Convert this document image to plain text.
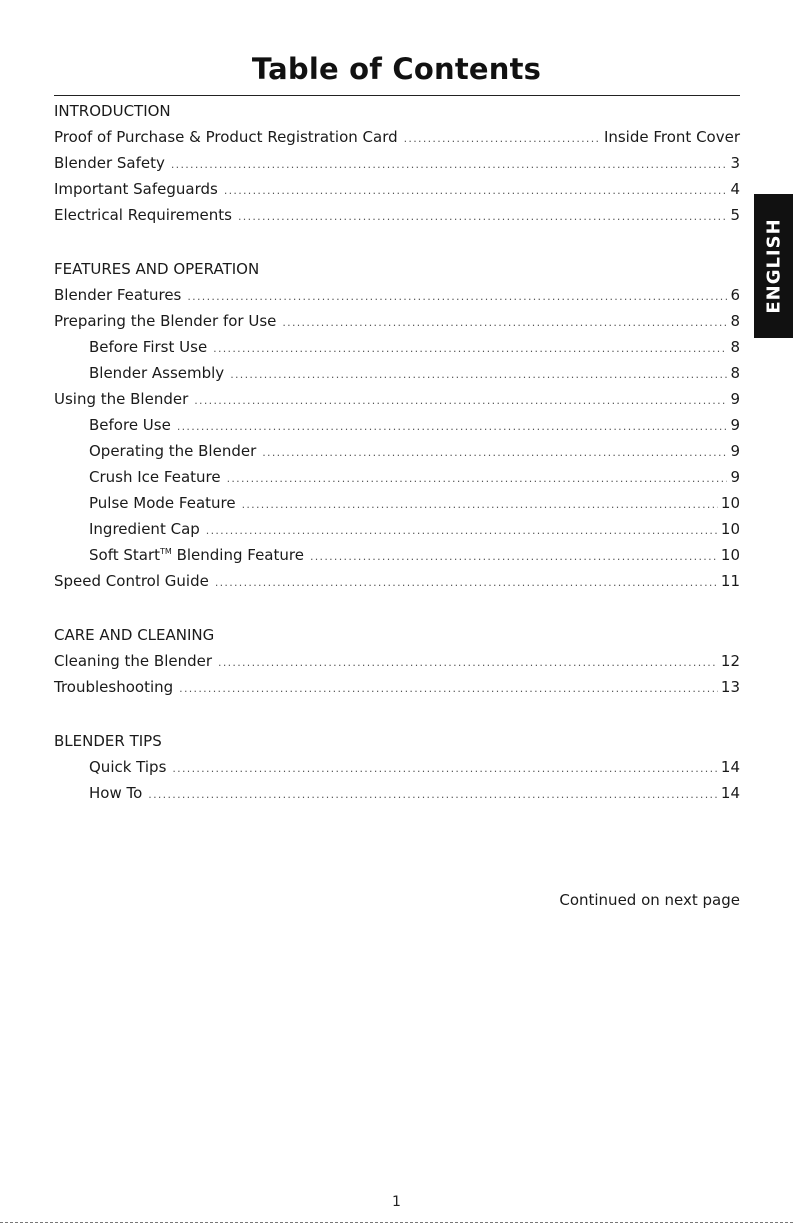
Table of Contents
INTRODUCTION
Proof of Purchase & Product Registration Card .....	Inside Front Cover
Blender Safety .....	3
Important Safeguards .....	4
Electrical Requirements .....	5
FEATURES AND OPERATION
Blender Features .....	6
Preparing the Blender for Use .....	8
Before First Use .....	8
Blender Assembly .....	8
Using the Blender .....	9
Before Use .....	9
Operating the Blender .....	9
Crush Ice Feature .....	9
Pulse Mode Feature .....	10
Ingredient Cap .....	10
Soft Start™ Blending Feature .....	10
Speed Control Guide .....	11
CARE AND CLEANING
Cleaning the Blender .....	12
Troubleshooting .....	13
BLENDER TIPS
Quick Tips .....	14
How To .....	14
Continued on next page
ENGLISH
1
